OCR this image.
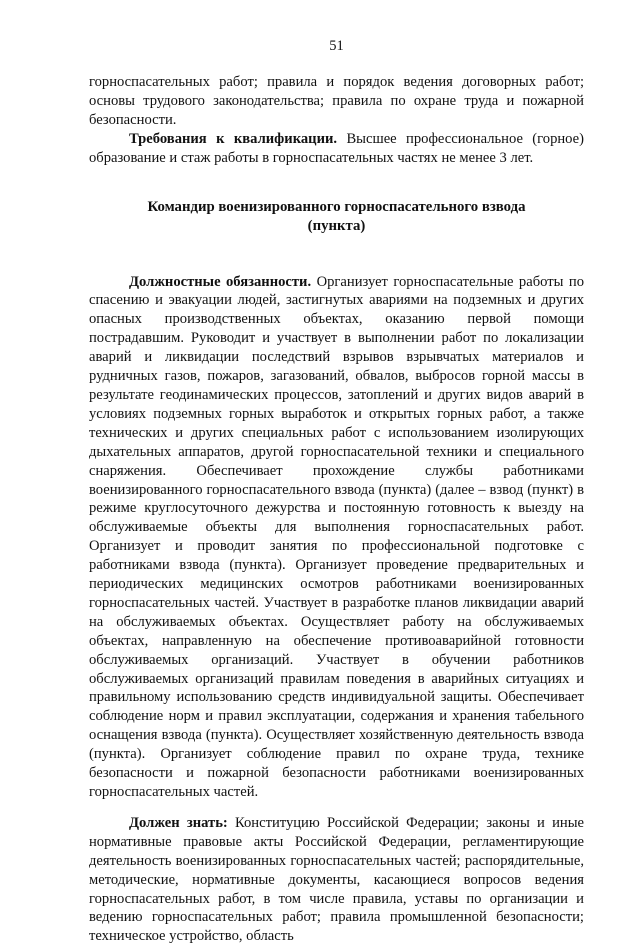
51

горноспасательных работ; правила и порядок ведения договорных работ; основы трудового законодательства; правила по охране труда и пожарной безопасности.

Требования к квалификации. Высшее профессиональное (горное) образование и стаж работы в горноспасательных частях не менее 3 лет.

Командир военизированного горноспасательного взвода
(пункта)

Должностные обязанности. Организует горноспасательные работы по спасению и эвакуации людей, застигнутых авариями на подземных и других опасных производственных объектах, оказанию первой помощи пострадавшим. Руководит и участвует в выполнении работ по локализации аварий и ликвидации последствий взрывов взрывчатых материалов и рудничных газов, пожаров, загазований, обвалов, выбросов горной массы в результате геодинамических процессов, затоплений и других видов аварий в условиях подземных горных выработок и открытых горных работ, а также технических и других специальных работ с использованием изолирующих дыхательных аппаратов, другой горноспасательной техники и специального снаряжения. Обеспечивает прохождение службы работниками военизированного горноспасательного взвода (пункта) (далее – взвод (пункт) в режиме круглосуточного дежурства и постоянную готовность к выезду на обслуживаемые объекты для выполнения горноспасательных работ. Организует и проводит занятия по профессиональной подготовке с работниками взвода (пункта). Организует проведение предварительных и периодических медицинских осмотров работниками военизированных горноспасательных частей. Участвует в разработке планов ликвидации аварий на обслуживаемых объектах. Осуществляет работу на обслуживаемых объектах, направленную на обеспечение противоаварийной готовности обслуживаемых организаций. Участвует в обучении работников обслуживаемых организаций правилам поведения в аварийных ситуациях и правильному использованию средств индивидуальной защиты. Обеспечивает соблюдение норм и правил эксплуатации, содержания и хранения табельного оснащения взвода (пункта). Осуществляет хозяйственную деятельность взвода (пункта). Организует соблюдение правил по охране труда, технике безопасности и пожарной безопасности работниками военизированных горноспасательных частей.

Должен знать: Конституцию Российской Федерации; законы и иные нормативные правовые акты Российской Федерации, регламентирующие деятельность военизированных горноспасательных частей; распорядительные, методические, нормативные документы, касающиеся вопросов ведения горноспасательных работ, в том числе правила, уставы по организации и ведению горноспасательных работ; правила промышленной безопасности; техническое устройство, область
